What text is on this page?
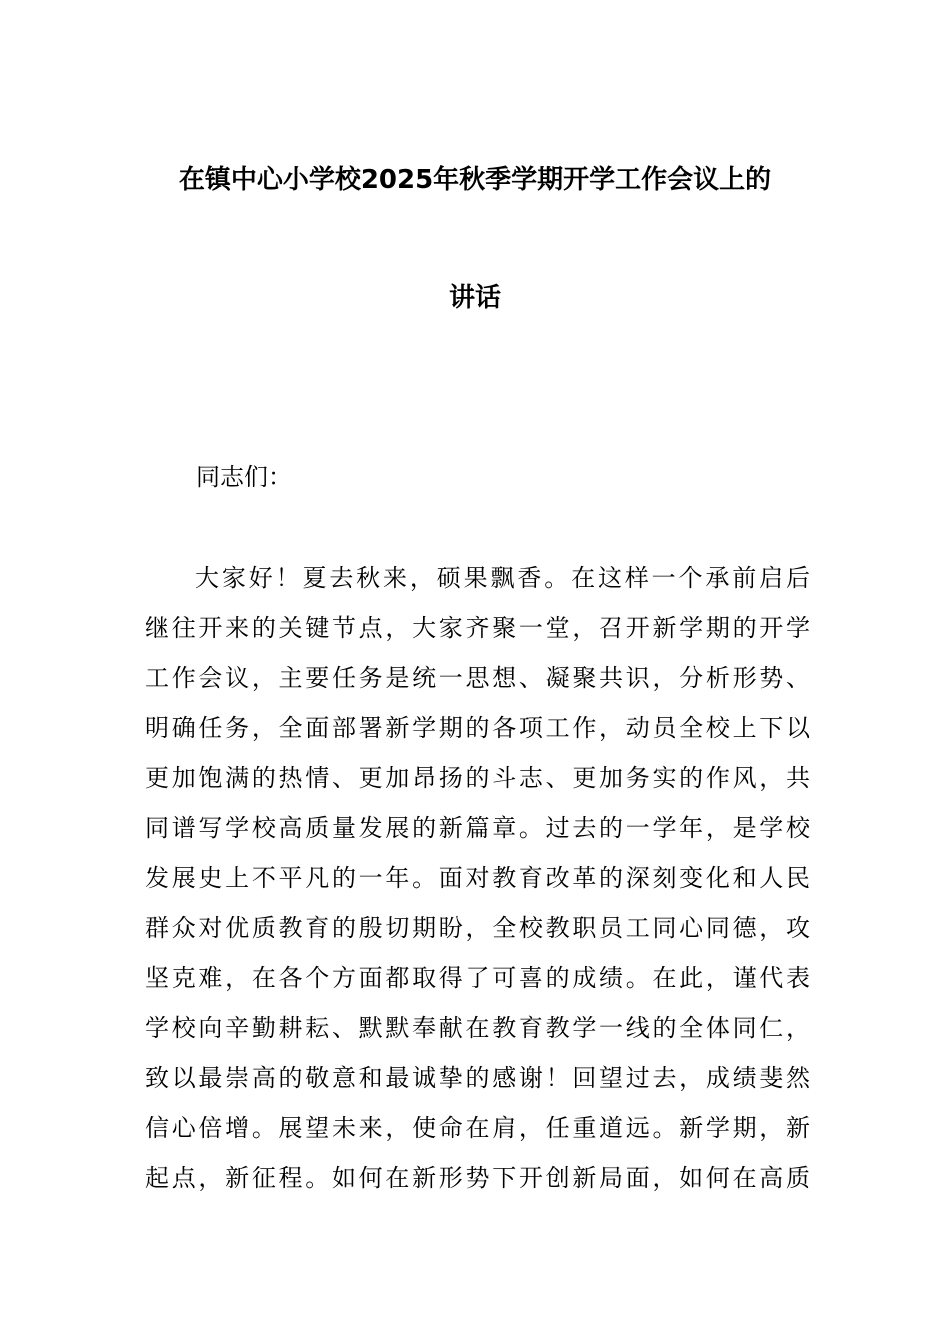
在镇中心小学校2025年秋季学期开学工作会议上的
讲话
同志们：
大家好！夏去秋来，硕果飘香。在这样一个承前启后
继往开来的关键节点，大家齐聚一堂，召开新学期的开学
工作会议，主要任务是统一思想、凝聚共识，分析形势、
明确任务，全面部署新学期的各项工作，动员全校上下以
更加饱满的热情、更加昂扬的斗志、更加务实的作风，共
同谱写学校高质量发展的新篇章。过去的一学年，是学校
发展史上不平凡的一年。面对教育改革的深刻变化和人民
群众对优质教育的殷切期盼，全校教职员工同心同德，攻
坚克难，在各个方面都取得了可喜的成绩。在此，谨代表
学校向辛勤耕耘、默默奉献在教育教学一线的全体同仁，
致以最崇高的敬意和最诚挚的感谢！回望过去，成绩斐然
信心倍增。展望未来，使命在肩，任重道远。新学期，新
起点，新征程。如何在新形势下开创新局面，如何在高质
